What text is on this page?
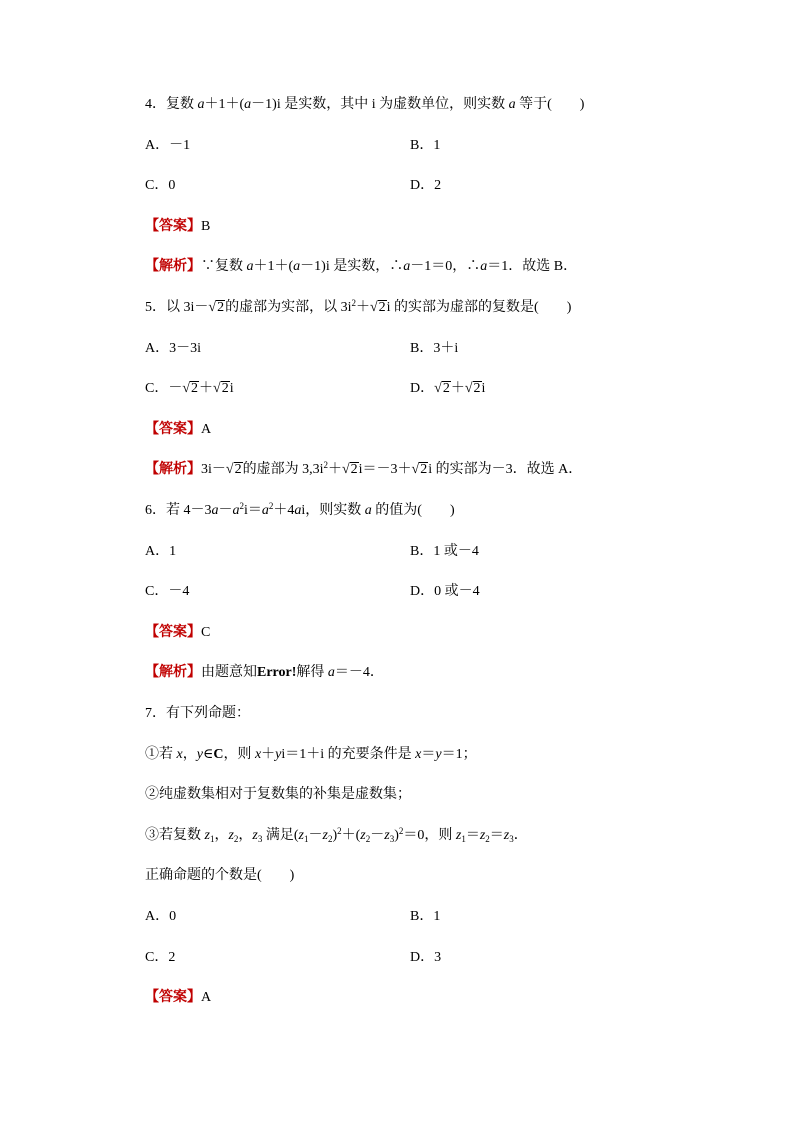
4．复数 a＋1＋(a－1)i 是实数，其中 i 为虚数单位，则实数 a 等于(　　)
A．－1	B．1
C．0	D．2
【答案】B
【解析】∵复数 a＋1＋(a－1)i 是实数，∴a－1＝0，∴a＝1．故选 B．
5．以 3i－√2的虚部为实部，以 $3i^2+√2i$ 的实部为虚部的复数是(　　)
A．3－3i	B．3＋i
C．－√2＋√2i	D．√2＋√2i
【答案】A
【解析】3i－√2的虚部为 $3,3i^2+√2i=-3+√2i$ 的实部为－3．故选 A．
6．若 $4-3a-a^2i=a^2+4ai$，则实数 a 的值为(　　)
A．1	B．1 或－4
C．－4	D．0 或－4
【答案】C
【解析】由题意知Error!解得 a＝－4．
7．有下列命题：
①若 x，y∈C，则 x＋yi＝1＋i 的充要条件是 x＝y＝1；
②纯虚数集相对于复数集的补集是虚数集；
③若复数 $z_1$，$z_2$，$z_3$ 满足$(z_1-z_2)^2+(z_2-z_3)^2=0$，则 $z_1=z_2=z_3$．
正确命题的个数是(　　)
A．0	B．1
C．2	D．3
【答案】A
